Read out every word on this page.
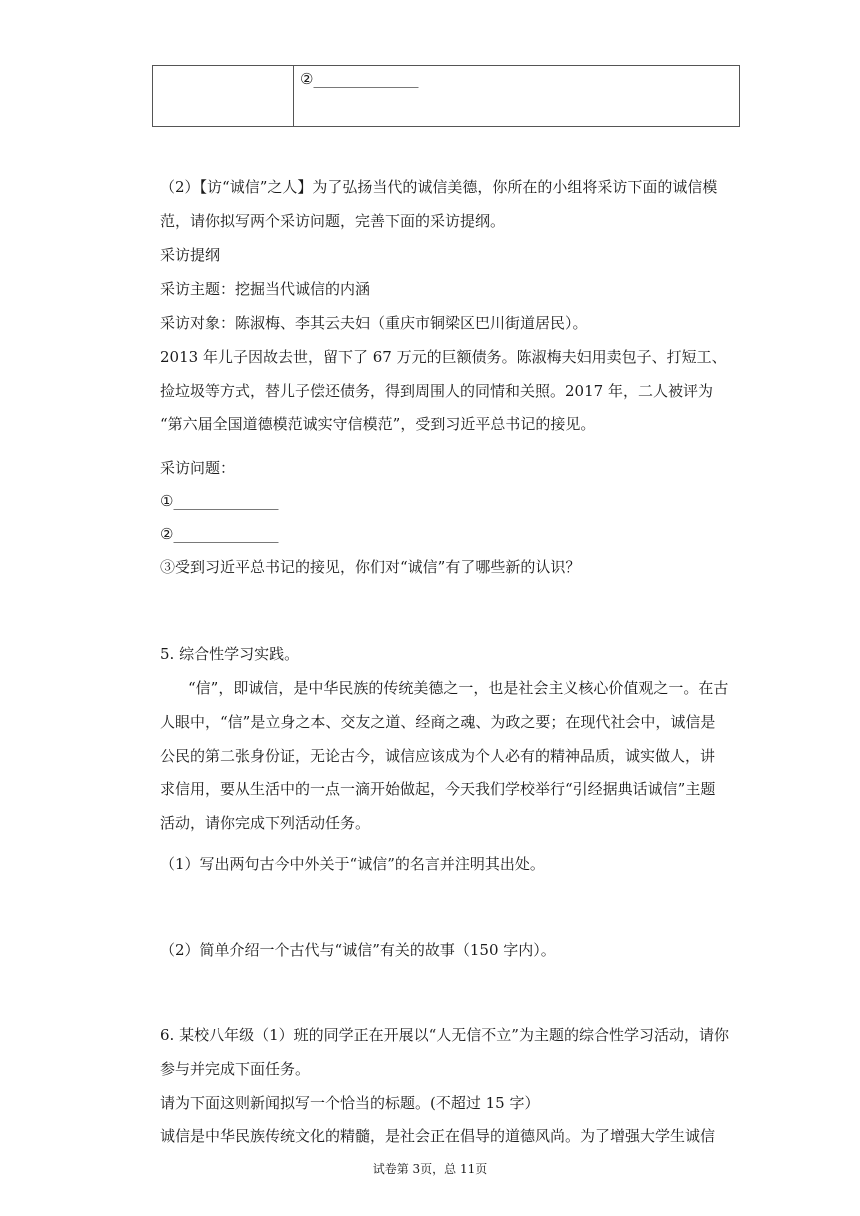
	②______________
（2）【访“诚信”之人】为了弘扬当代的诚信美德，你所在的小组将采访下面的诚信模
范，请你拟写两个采访问题，完善下面的采访提纲。
采访提纲
采访主题：挖掘当代诚信的内涵
采访对象：陈淑梅、李其云夫妇（重庆市铜梁区巴川街道居民）。
2013 年儿子因故去世，留下了 67 万元的巨额债务。陈淑梅夫妇用卖包子、打短工、
捡垃圾等方式，替儿子偿还债务，得到周围人的同情和关照。2017 年，二人被评为
“第六届全国道德模范诚实守信模范”，受到习近平总书记的接见。
采访问题：
①______________
②______________
③受到习近平总书记的接见，你们对“诚信”有了哪些新的认识？
5. 综合性学习实践。
“信”，即诚信，是中华民族的传统美德之一，也是社会主义核心价值观之一。在古
人眼中，“信”是立身之本、交友之道、经商之魂、为政之要；在现代社会中，诚信是
公民的第二张身份证，无论古今，诚信应该成为个人必有的精神品质，诚实做人，讲
求信用，要从生活中的一点一滴开始做起，今天我们学校举行“引经据典话诚信”主题
活动，请你完成下列活动任务。
（1）写出两句古今中外关于“诚信”的名言并注明其出处。
（2）简单介绍一个古代与“诚信”有关的故事（150 字内）。
6. 某校八年级（1）班的同学正在开展以“人无信不立”为主题的综合性学习活动，请你
参与并完成下面任务。
请为下面这则新闻拟写一个恰当的标题。(不超过 15 字）
诚信是中华民族传统文化的精髓，是社会正在倡导的道德风尚。为了增强大学生诚信
试卷第 3页，总 11页
